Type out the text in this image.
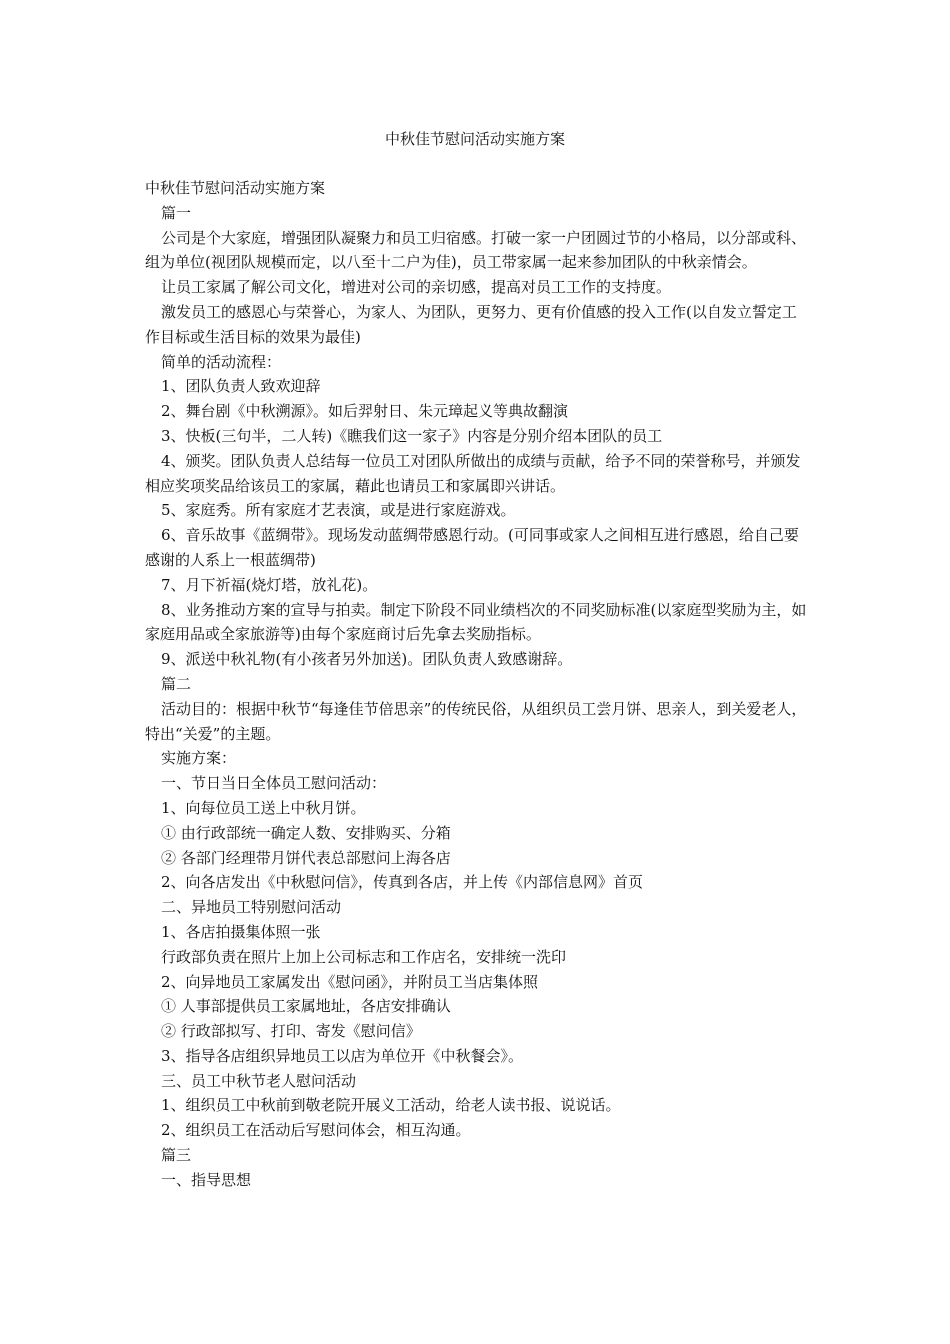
中秋佳节慰问活动实施方案

中秋佳节慰问活动实施方案

篇一

公司是个大家庭，增强团队凝聚力和员工归宿感。打破一家一户团圆过节的小格局，以分部或科、组为单位(视团队规模而定，以八至十二户为佳)，员工带家属一起来参加团队的中秋亲情会。

让员工家属了解公司文化，增进对公司的亲切感，提高对员工工作的支持度。

激发员工的感恩心与荣誉心，为家人、为团队，更努力、更有价值感的投入工作(以自发立誓定工作目标或生活目标的效果为最佳)

简单的活动流程：

1、团队负责人致欢迎辞

2、舞台剧《中秋溯源》。如后羿射日、朱元璋起义等典故翻演

3、快板(三句半，二人转)《瞧我们这一家子》内容是分别介绍本团队的员工

4、颁奖。团队负责人总结每一位员工对团队所做出的成绩与贡献，给予不同的荣誉称号，并颁发相应奖项奖品给该员工的家属，藉此也请员工和家属即兴讲话。

5、家庭秀。所有家庭才艺表演，或是进行家庭游戏。

6、音乐故事《蓝绸带》。现场发动蓝绸带感恩行动。(可同事或家人之间相互进行感恩，给自己要感谢的人系上一根蓝绸带)

7、月下祈福(烧灯塔，放礼花)。

8、业务推动方案的宣导与拍卖。制定下阶段不同业绩档次的不同奖励标准(以家庭型奖励为主，如家庭用品或全家旅游等)由每个家庭商讨后先拿去奖励指标。

9、派送中秋礼物(有小孩者另外加送)。团队负责人致感谢辞。

篇二

活动目的：根据中秋节“每逢佳节倍思亲”的传统民俗，从组织员工尝月饼、思亲人，到关爱老人，特出“关爱”的主题。

实施方案：

一、节日当日全体员工慰问活动：

1、向每位员工送上中秋月饼。

① 由行政部统一确定人数、安排购买、分箱

② 各部门经理带月饼代表总部慰问上海各店

2、向各店发出《中秋慰问信》，传真到各店，并上传《内部信息网》首页

二、异地员工特别慰问活动

1、各店拍摄集体照一张

行政部负责在照片上加上公司标志和工作店名，安排统一洗印

2、向异地员工家属发出《慰问函》，并附员工当店集体照

① 人事部提供员工家属地址，各店安排确认

② 行政部拟写、打印、寄发《慰问信》

3、指导各店组织异地员工以店为单位开《中秋餐会》。

三、员工中秋节老人慰问活动

1、组织员工中秋前到敬老院开展义工活动，给老人读书报、说说话。

2、组织员工在活动后写慰问体会，相互沟通。

篇三

一、指导思想
